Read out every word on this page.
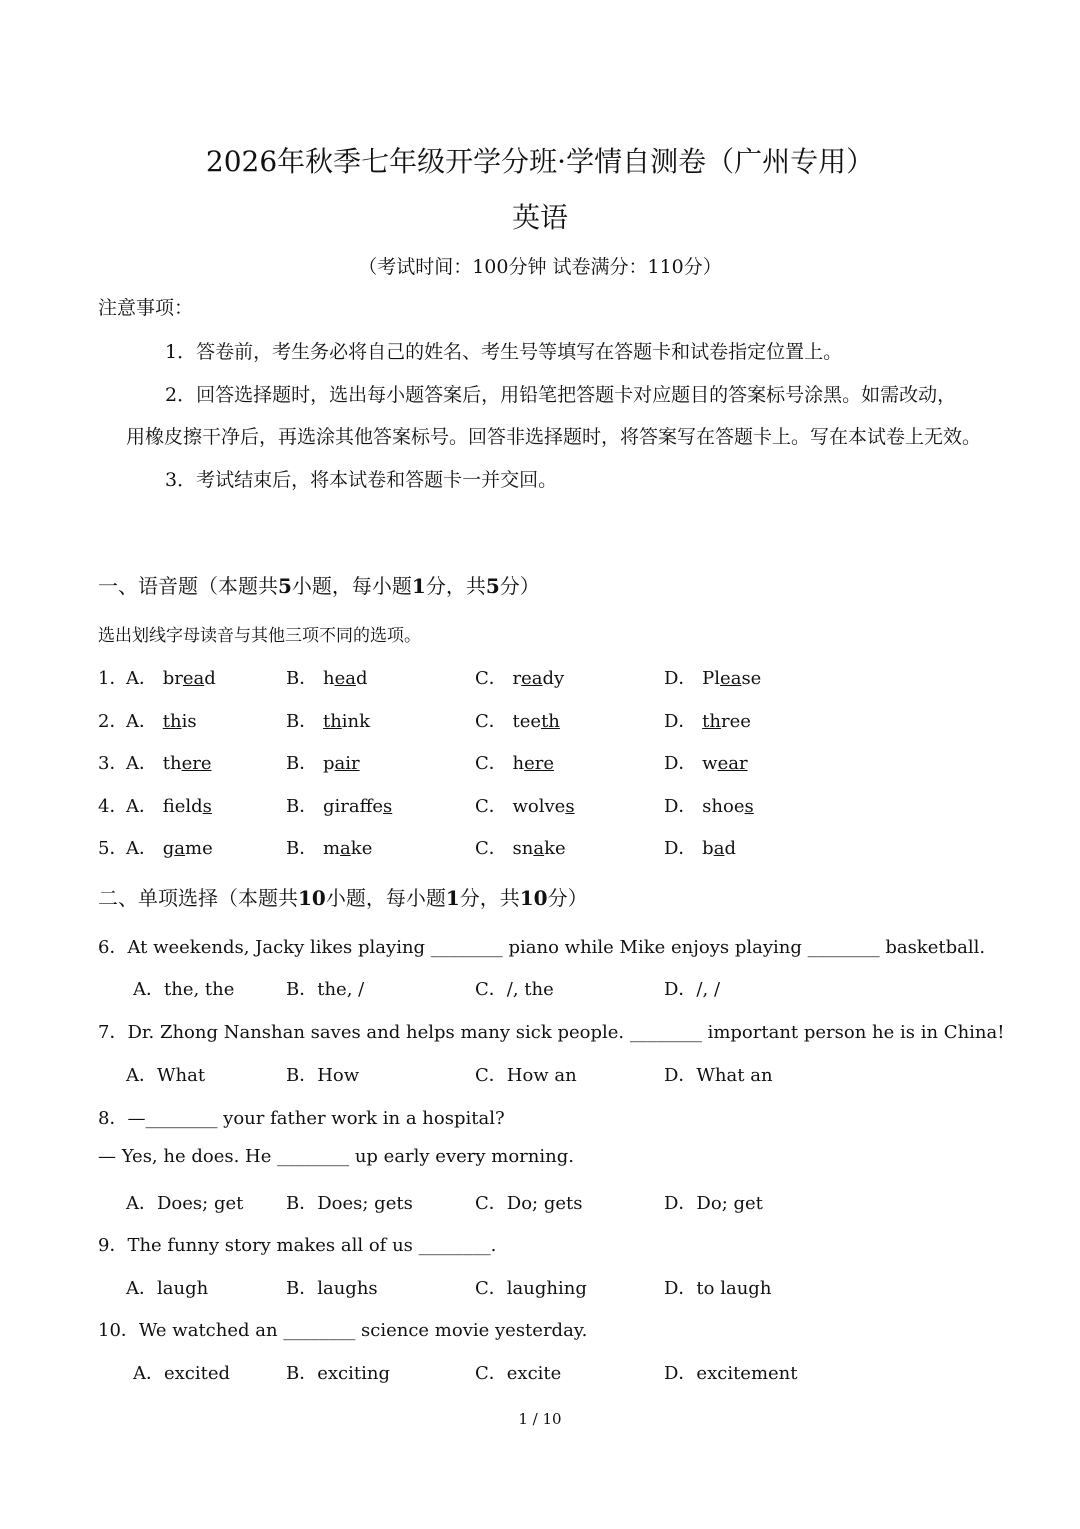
2026年秋季七年级开学分班·学情自测卷（广州专用）
英语
（考试时间：100分钟 试卷满分：110分）
注意事项：
1．答卷前，考生务必将自己的姓名、考生号等填写在答题卡和试卷指定位置上。
2．回答选择题时，选出每小题答案后，用铅笔把答题卡对应题目的答案标号涂黑。如需改动，
用橡皮擦干净后，再选涂其他答案标号。回答非选择题时，将答案写在答题卡上。写在本试卷上无效。
3．考试结束后，将本试卷和答题卡一并交回。
一、语音题（本题共5小题，每小题1分，共5分）
选出划线字母读音与其他三项不同的选项。
1．
A． bread	B． head	C． ready	D． Please
2．
A． this	B． think	C． teeth	D． three
3．
A． there	B． pair	C． here	D． wear
4．
A． fields	B． giraffes	C． wolves	D． shoes
5．
A． game	B． make	C． snake	D． bad
二、单项选择（本题共10小题，每小题1分，共10分）
6．At weekends, Jacky likes playing ________ piano while Mike enjoys playing ________ basketball.
A．the, the	B．the, /	C．/, the	D．/, /
7．Dr. Zhong Nanshan saves and helps many sick people. ________ important person he is in China!
A．What	B．How	C．How an	D．What an
8．—________ your father work in a hospital?
— Yes, he does. He ________ up early every morning.
A．Does; get B．Does; gets	C．Do; gets	D．Do; get
9．The funny story makes all of us ________.
A．laugh	B．laughs	C．laughing	D．to laugh
10．We watched an ________ science movie yesterday.
A．excited	B．exciting	C．excite	D．excitement
1 / 10
